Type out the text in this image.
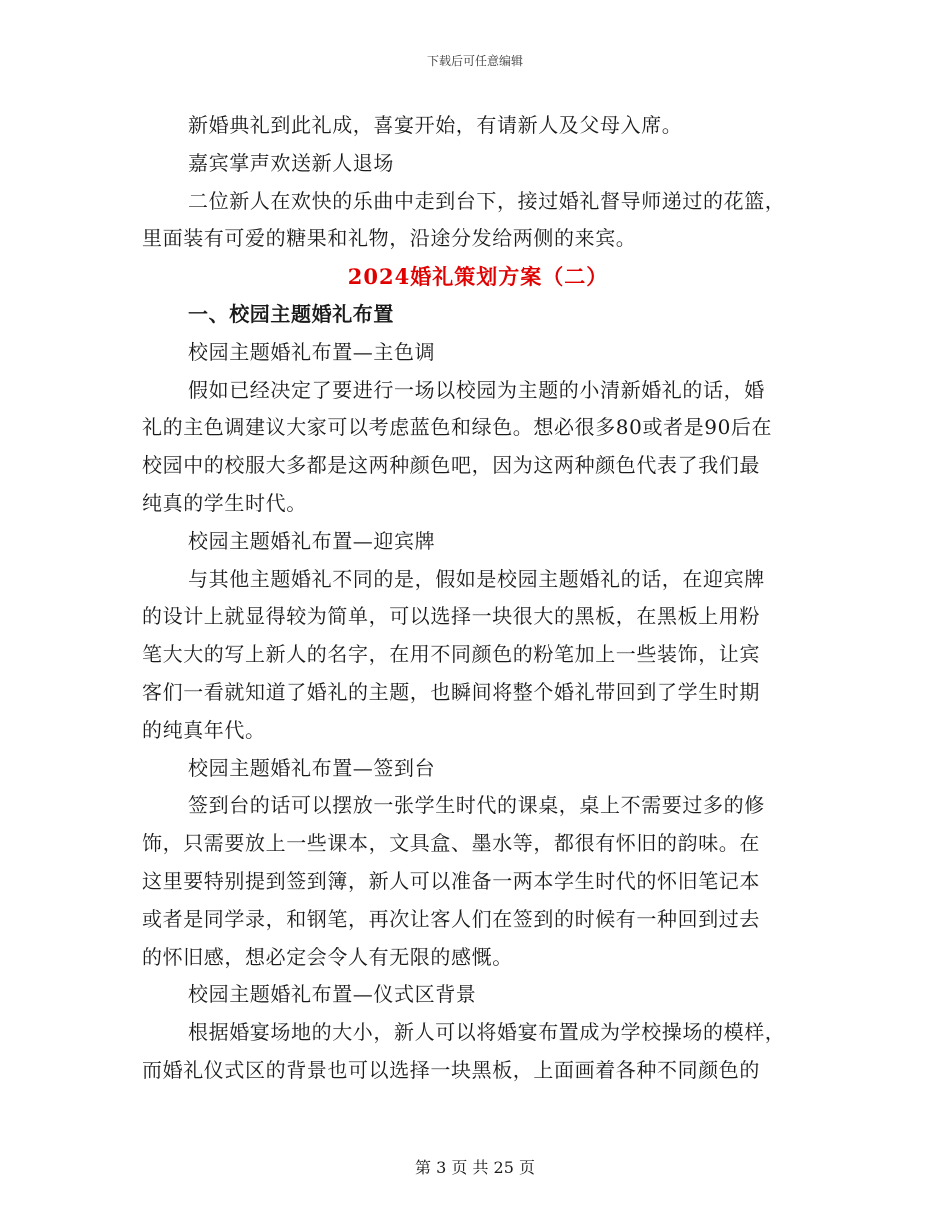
下载后可任意编辑
新婚典礼到此礼成，喜宴开始，有请新人及父母入席。
嘉宾掌声欢送新人退场
二位新人在欢快的乐曲中走到台下，接过婚礼督导师递过的花篮，
里面装有可爱的糖果和礼物，沿途分发给两侧的来宾。
2024婚礼策划方案（二）
一、校园主题婚礼布置
校园主题婚礼布置—主色调
假如已经决定了要进行一场以校园为主题的小清新婚礼的话，婚
礼的主色调建议大家可以考虑蓝色和绿色。想必很多80或者是90后在
校园中的校服大多都是这两种颜色吧，因为这两种颜色代表了我们最
纯真的学生时代。
校园主题婚礼布置—迎宾牌
与其他主题婚礼不同的是，假如是校园主题婚礼的话，在迎宾牌
的设计上就显得较为简单，可以选择一块很大的黑板，在黑板上用粉
笔大大的写上新人的名字，在用不同颜色的粉笔加上一些装饰，让宾
客们一看就知道了婚礼的主题，也瞬间将整个婚礼带回到了学生时期
的纯真年代。
校园主题婚礼布置—签到台
签到台的话可以摆放一张学生时代的课桌，桌上不需要过多的修
饰，只需要放上一些课本，文具盒、墨水等，都很有怀旧的韵味。在
这里要特别提到签到簿，新人可以准备一两本学生时代的怀旧笔记本
或者是同学录，和钢笔，再次让客人们在签到的时候有一种回到过去
的怀旧感，想必定会令人有无限的感慨。
校园主题婚礼布置—仪式区背景
根据婚宴场地的大小，新人可以将婚宴布置成为学校操场的模样，
而婚礼仪式区的背景也可以选择一块黑板，上面画着各种不同颜色的
第 3 页 共 25 页
